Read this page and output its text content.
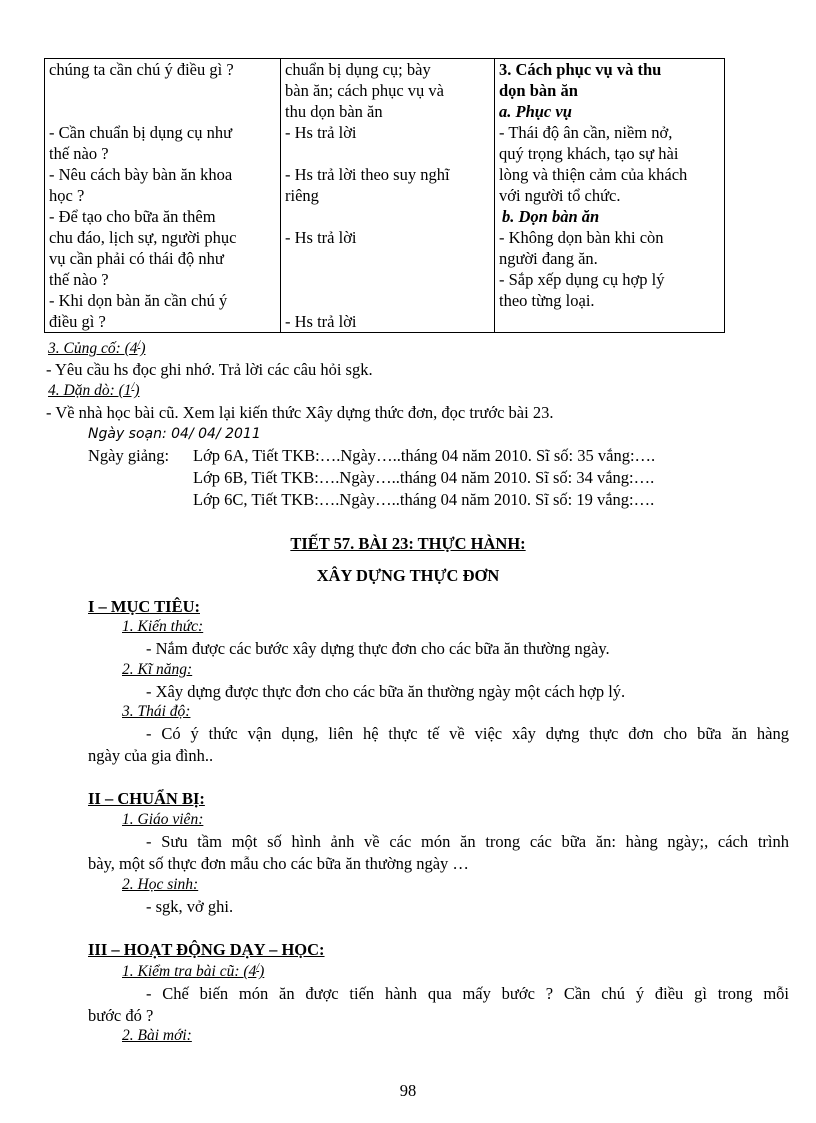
chúng ta cần chú ý điều gì ?
- Cần chuẩn bị dụng cụ như
thế nào ?
- Nêu cách bày bàn ăn khoa
học ?
- Để tạo cho bữa ăn thêm
chu đáo, lịch sự, người phục
vụ cần phải có thái độ như
thế nào ?
- Khi dọn bàn ăn cần chú ý
điều gì ?

chuẩn bị dụng cụ; bày
bàn ăn; cách phục vụ và
thu dọn bàn ăn
- Hs trả lời
- Hs trả lời theo suy nghĩ
riêng
- Hs trả lời
- Hs trả lời

3. Cách phục vụ và thu
dọn bàn ăn
a. Phục vụ
- Thái độ ân cần, niềm nở,
quý trọng khách, tạo sự hài
lòng và thiện cảm của khách
với người tổ chức.
b. Dọn bàn ăn
- Không dọn bàn khi còn
người đang ăn.
- Sắp xếp dụng cụ hợp lý
theo từng loại.
3. Củng cố: (4/)
- Yêu cầu hs đọc ghi nhớ. Trả lời các câu hỏi sgk.
4. Dặn dò: (1/)
- Về nhà học bài cũ. Xem lại kiến thức Xây dựng thức đơn, đọc trước bài 23.
Ngày soạn: 04/ 04/ 2011
Ngày giảng: Lớp 6A, Tiết TKB:….Ngày…..tháng 04 năm 2010. Sĩ số: 35 vắng:….
Lớp 6B, Tiết TKB:….Ngày…..tháng 04 năm 2010. Sĩ số: 34 vắng:….
Lớp 6C, Tiết TKB:….Ngày…..tháng 04 năm 2010. Sĩ số: 19 vắng:….
TIẾT 57. BÀI 23: THỰC HÀNH:
XÂY DỰNG THỰC ĐƠN
I – MỤC TIÊU:
1. Kiến thức:
- Nắm được các bước xây dựng thực đơn cho các bữa ăn thường ngày.
2. Kĩ năng:
- Xây dựng được thực đơn cho các bữa ăn thường ngày một cách hợp lý.
3. Thái độ:
- Có ý thức vận dụng, liên hệ thực tế về việc xây dựng thực đơn cho bữa ăn hàng
ngày của gia đình..
II – CHUẨN BỊ:
1. Giáo viên:
- Sưu tầm một số hình ảnh về các món ăn trong các bữa ăn: hàng ngày;, cách trình
bày, một số thực đơn mẫu cho các bữa ăn thường ngày …
2. Học sinh:
- sgk, vở ghi.
III – HOẠT ĐỘNG DẠY – HỌC:
1. Kiểm tra bài cũ: (4/)
- Chế biến món ăn được tiến hành qua mấy bước ? Cần chú ý điều gì trong mỗi
bước đó ?
2. Bài mới:
98
